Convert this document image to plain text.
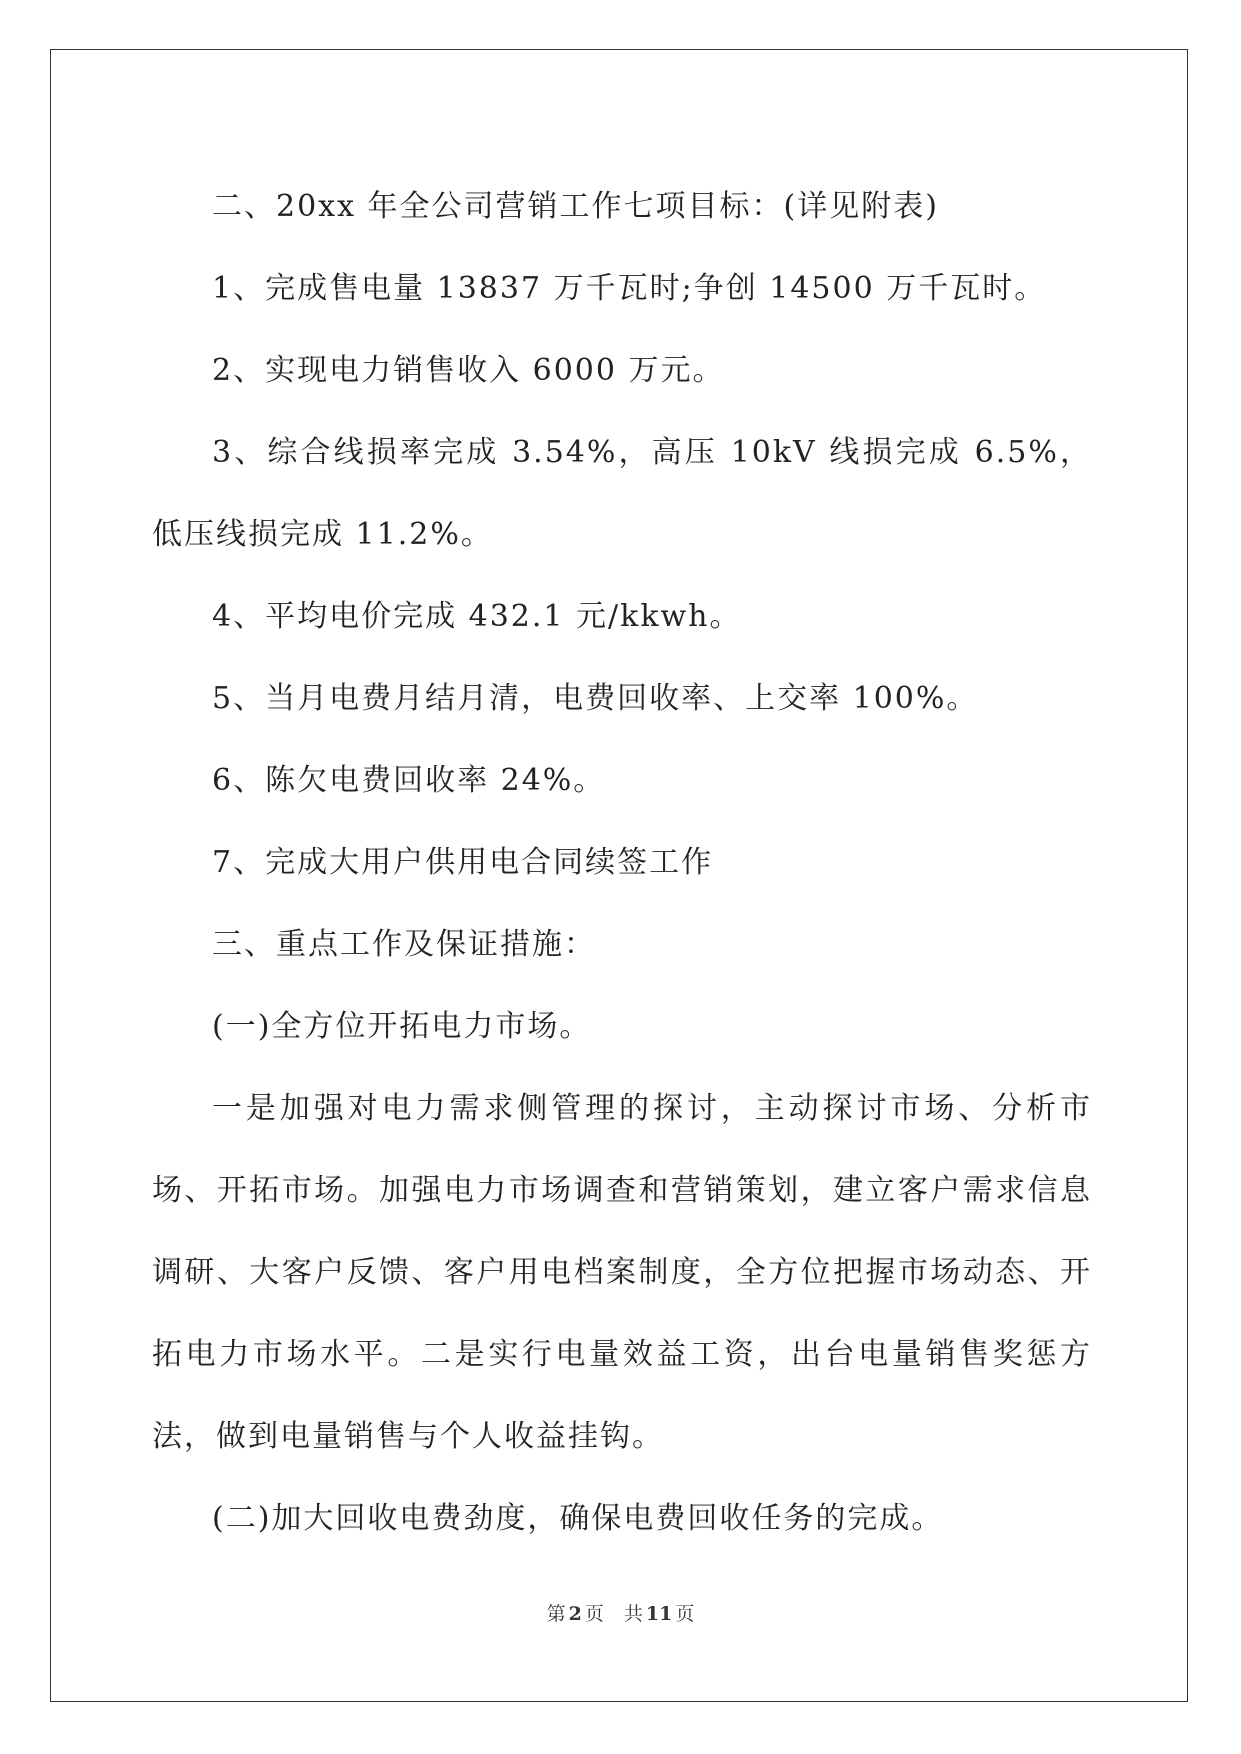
二、20xx 年全公司营销工作七项目标：(详见附表)

1、完成售电量 13837 万千瓦时;争创 14500 万千瓦时。

2、实现电力销售收入 6000 万元。

3、综合线损率完成 3.54%，高压 10kV 线损完成 6.5%，低压线损完成 11.2%。

4、平均电价完成 432.1 元/kkwh。

5、当月电费月结月清，电费回收率、上交率 100%。

6、陈欠电费回收率 24%。

7、完成大用户供用电合同续签工作

三、重点工作及保证措施：

(一)全方位开拓电力市场。

一是加强对电力需求侧管理的探讨，主动探讨市场、分析市场、开拓市场。加强电力市场调查和营销策划，建立客户需求信息调研、大客户反馈、客户用电档案制度，全方位把握市场动态、开拓电力市场水平。二是实行电量效益工资，出台电量销售奖惩方法，做到电量销售与个人收益挂钩。

(二)加大回收电费劲度，确保电费回收任务的完成。

第 2 页 共 11 页
